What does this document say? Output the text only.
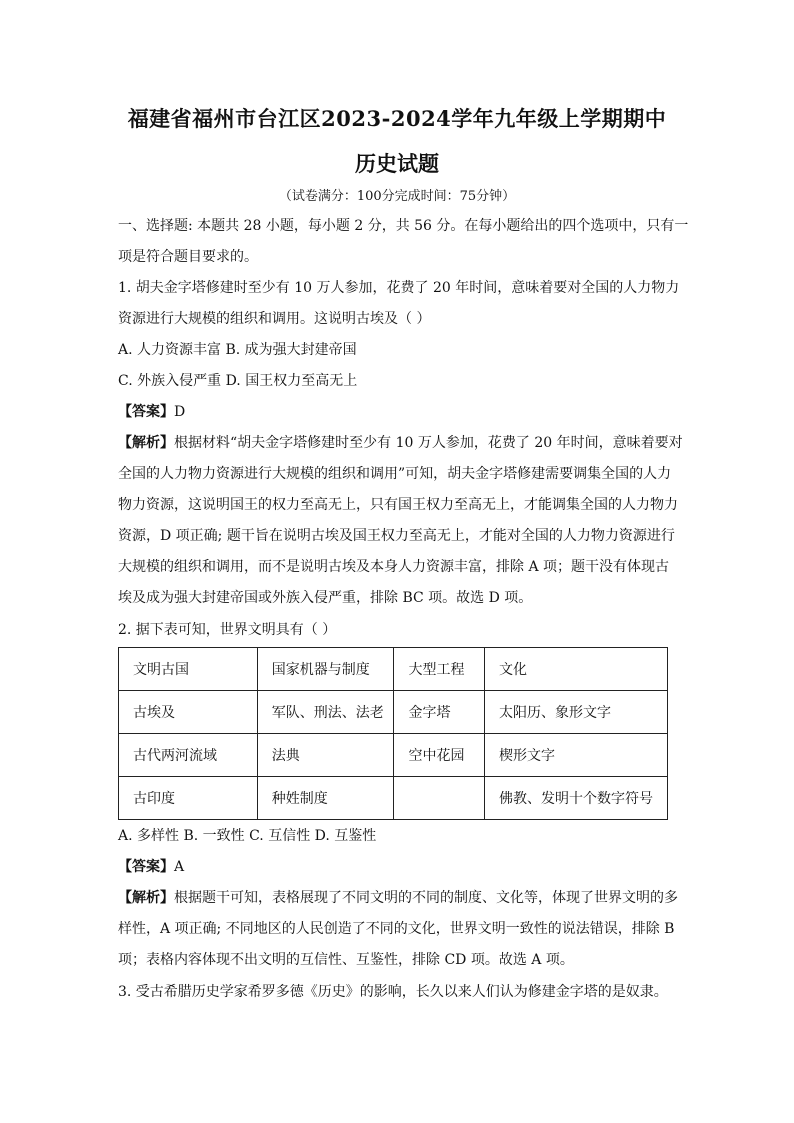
福建省福州市台江区2023-2024学年九年级上学期期中
历史试题
（试卷满分：100分完成时间：75分钟）
一、选择题: 本题共 28 小题，每小题 2 分，共 56 分。在每小题给出的四个选项中，只有一
项是符合题目要求的。
1. 胡夫金字塔修建时至少有 10 万人参加，花费了 20 年时间，意味着要对全国的人力物力
资源进行大规模的组织和调用。这说明古埃及（ ）
A. 人力资源丰富 B. 成为强大封建帝国
C. 外族入侵严重 D. 国王权力至高无上
【答案】D
【解析】根据材料“胡夫金字塔修建时至少有 10 万人参加，花费了 20 年时间，意味着要对
全国的人力物力资源进行大规模的组织和调用”可知，胡夫金字塔修建需要调集全国的人力
物力资源，这说明国王的权力至高无上，只有国王权力至高无上，才能调集全国的人力物力
资源，D 项正确; 题干旨在说明古埃及国王权力至高无上，才能对全国的人力物力资源进行
大规模的组织和调用，而不是说明古埃及本身人力资源丰富，排除 A 项；题干没有体现古
埃及成为强大封建帝国或外族入侵严重，排除 BC 项。故选 D 项。
2. 据下表可知，世界文明具有（ ）
文明古国	国家机器与制度	大型工程	文化
古埃及	军队、刑法、法老	金字塔	太阳历、象形文字
古代两河流域	法典	空中花园	楔形文字
古印度	种姓制度		佛教、发明十个数字符号
A. 多样性 B. 一致性 C. 互信性 D. 互鉴性
【答案】A
【解析】根据题干可知，表格展现了不同文明的不同的制度、文化等，体现了世界文明的多
样性，A 项正确; 不同地区的人民创造了不同的文化，世界文明一致性的说法错误，排除 B
项；表格内容体现不出文明的互信性、互鉴性，排除 CD 项。故选 A 项。
3. 受古希腊历史学家希罗多德《历史》的影响，长久以来人们认为修建金字塔的是奴隶。
